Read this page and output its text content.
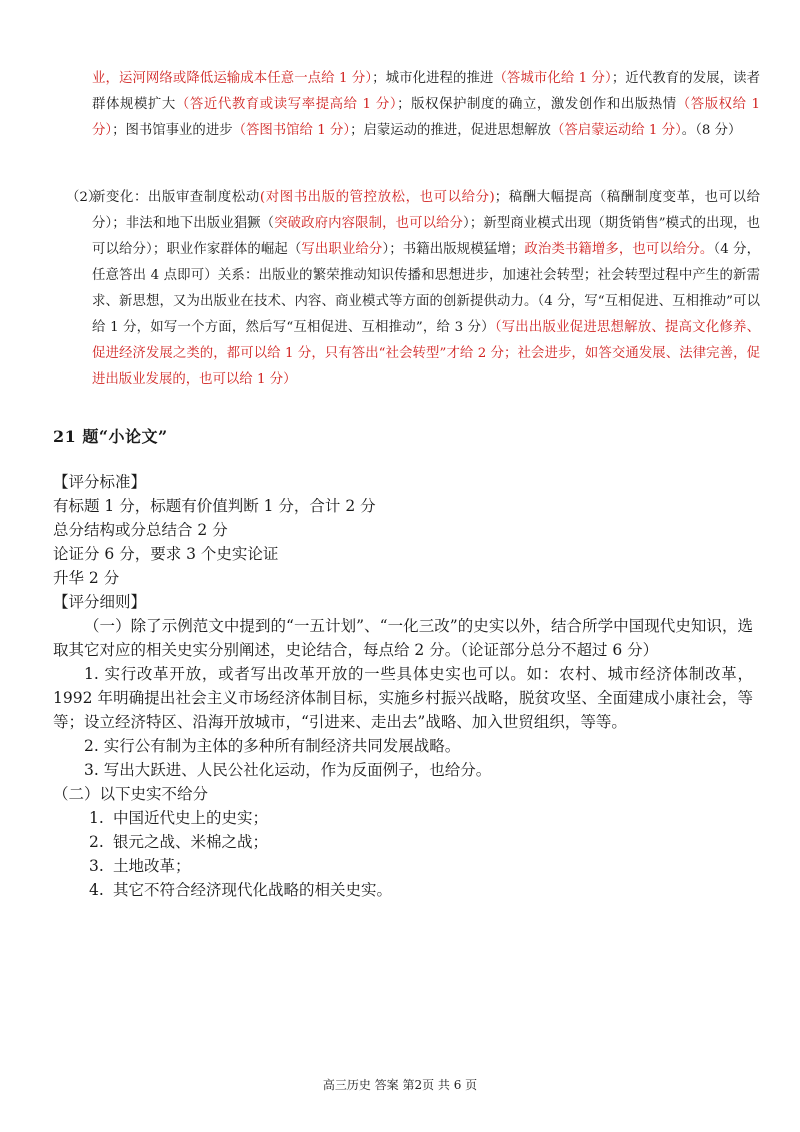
业，运河网络或降低运输成本任意一点给 1 分）；城市化进程的推进（答城市化给 1 分）；近代教育的发展，读者群体规模扩大（答近代教育或读写率提高给 1 分）；版权保护制度的确立，激发创作和出版热情（答版权给 1 分）；图书馆事业的进步（答图书馆给 1 分）；启蒙运动的推进，促进思想解放（答启蒙运动给 1 分）。（8 分）
（2）
新变化：出版审查制度松动(对图书出版的管控放松，也可以给分)；稿酬大幅提高（稿酬制度变革，也可以给分）；非法和地下出版业猖獗（突破政府内容限制，也可以给分）；新型商业模式出现（期货销售”模式的出现，也可以给分）；职业作家群体的崛起（写出职业给分）；书籍出版规模猛增；政治类书籍增多，也可以给分。（4 分，任意答出 4 点即可）关系：出版业的繁荣推动知识传播和思想进步，加速社会转型；社会转型过程中产生的新需求、新思想，又为出版业在技术、内容、商业模式等方面的创新提供动力。（4 分，写“互相促进、互相推动”可以给 1 分，如写一个方面，然后写“互相促进、互相推动”，给 3 分）（写出出版业促进思想解放、提高文化修养、促进经济发展之类的，都可以给 1 分，只有答出“社会转型”才给 2 分；社会进步，如答交通发展、法律完善，促进出版业发展的，也可以给 1 分）
21 题“小论文”
【评分标准】
有标题 1 分，标题有价值判断 1 分，合计 2 分
总分结构或分总结合 2 分
论证分 6 分，要求 3 个史实论证
升华 2 分
【评分细则】
（一）除了示例范文中提到的“一五计划”、“一化三改”的史实以外，结合所学中国现代史知识，选取其它对应的相关史实分别阐述，史论结合，每点给 2 分。（论证部分总分不超过 6 分）
1. 实行改革开放，或者写出改革开放的一些具体史实也可以。如：农村、城市经济体制改革，1992 年明确提出社会主义市场经济体制目标，实施乡村振兴战略，脱贫攻坚、全面建成小康社会，等等；设立经济特区、沿海开放城市，“引进来、走出去”战略、加入世贸组织，等等。
2. 实行公有制为主体的多种所有制经济共同发展战略。
3. 写出大跃进、人民公社化运动，作为反面例子，也给分。
（二）以下史实不给分
1. 中国近代史上的史实；
2. 银元之战、米棉之战；
3. 土地改革；
4. 其它不符合经济现代化战略的相关史实。
高三历史 答案 第2页 共 6 页
